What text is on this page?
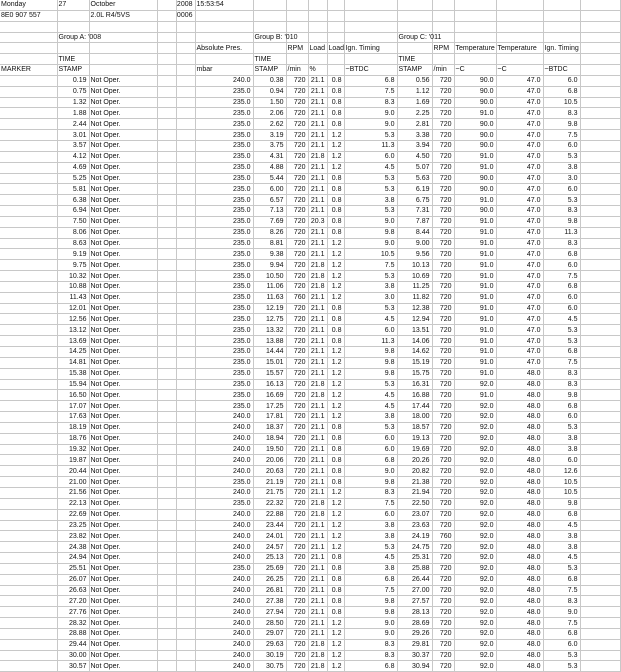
Monday	27	October		2008	15:53:54											
8E0 907 557		2.0L R4/5VS		0006												

	Group A: '008					Group B: '010					Group C: '011					
					Absolute Pres.		RPM	Load	Load	Ign. Timing		RPM	Temperature	Temperature	Ign. Timing	
	TIME					TIME					TIME					
MARKER	STAMP				mbar	STAMP	/min	%		~BTDC	STAMP	/min	~C	~C	~BTDC	
	0.19	Not Oper.			240.0	0.38	720	21.1	0.8	6.8	0.56	720	90.0	47.0	6.0	
	0.75	Not Oper.			235.0	0.94	720	21.1	0.8	7.5	1.12	720	90.0	47.0	6.8	
	1.32	Not Oper.			235.0	1.50	720	21.1	0.8	8.3	1.69	720	90.0	47.0	10.5	
	1.88	Not Oper.			235.0	2.06	720	21.1	0.8	9.0	2.25	720	91.0	47.0	8.3	
	2.44	Not Oper.			235.0	2.62	720	21.1	0.8	9.0	2.81	720	90.0	47.0	9.8	
	3.01	Not Oper.			235.0	3.19	720	21.1	1.2	5.3	3.38	720	90.0	47.0	7.5	
	3.57	Not Oper.			235.0	3.75	720	21.1	1.2	11.3	3.94	720	90.0	47.0	6.0	
	4.12	Not Oper.			235.0	4.31	720	21.8	1.2	6.0	4.50	720	91.0	47.0	5.3	
	4.69	Not Oper.			235.0	4.88	720	21.1	1.2	4.5	5.07	720	91.0	47.0	3.8	
	5.25	Not Oper.			235.0	5.44	720	21.1	0.8	5.3	5.63	720	90.0	47.0	3.0	
	5.81	Not Oper.			235.0	6.00	720	21.1	0.8	5.3	6.19	720	90.0	47.0	6.0	
	6.38	Not Oper.			235.0	6.57	720	21.1	0.8	3.8	6.75	720	91.0	47.0	5.3	
	6.94	Not Oper.			235.0	7.13	720	21.1	0.8	5.3	7.31	720	90.0	47.0	8.3	
	7.50	Not Oper.			235.0	7.69	720	20.3	0.8	9.0	7.87	720	91.0	47.0	9.8	
	8.06	Not Oper.			235.0	8.26	720	21.1	0.8	9.8	8.44	720	91.0	47.0	11.3	
	8.63	Not Oper.			235.0	8.81	720	21.1	1.2	9.0	9.00	720	91.0	47.0	8.3	
	9.19	Not Oper.			235.0	9.38	720	21.1	1.2	10.5	9.56	720	91.0	47.0	6.8	
	9.75	Not Oper.			235.0	9.94	720	21.8	1.2	7.5	10.13	720	91.0	47.0	6.0	
	10.32	Not Oper.			235.0	10.50	720	21.8	1.2	5.3	10.69	720	91.0	47.0	7.5	
	10.88	Not Oper.			235.0	11.06	720	21.8	1.2	3.8	11.25	720	91.0	47.0	6.8	
	11.43	Not Oper.			235.0	11.63	760	21.1	1.2	3.0	11.82	720	91.0	47.0	6.0	
	12.01	Not Oper.			235.0	12.19	720	21.1	0.8	5.3	12.38	720	91.0	47.0	6.0	
	12.56	Not Oper.			235.0	12.75	720	21.1	0.8	4.5	12.94	720	91.0	47.0	4.5	
	13.12	Not Oper.			235.0	13.32	720	21.1	0.8	6.0	13.51	720	91.0	47.0	5.3	
	13.69	Not Oper.			235.0	13.88	720	21.1	0.8	11.3	14.06	720	91.0	47.0	5.3	
	14.25	Not Oper.			235.0	14.44	720	21.1	1.2	9.8	14.62	720	91.0	47.0	6.8	
	14.81	Not Oper.			235.0	15.01	720	21.1	1.2	9.8	15.19	720	91.0	47.0	7.5	
	15.38	Not Oper.			235.0	15.57	720	21.1	1.2	9.8	15.75	720	91.0	48.0	8.3	
	15.94	Not Oper.			235.0	16.13	720	21.8	1.2	5.3	16.31	720	92.0	48.0	8.3	
	16.50	Not Oper.			235.0	16.69	720	21.8	1.2	4.5	16.88	720	91.0	48.0	9.8	
	17.07	Not Oper.			235.0	17.25	720	21.1	1.2	4.5	17.44	720	92.0	48.0	6.8	
	17.63	Not Oper.			240.0	17.81	720	21.1	1.2	3.8	18.00	720	92.0	48.0	6.0	
	18.19	Not Oper.			240.0	18.37	720	21.1	0.8	5.3	18.57	720	92.0	48.0	5.3	
	18.76	Not Oper.			240.0	18.94	720	21.1	0.8	6.0	19.13	720	92.0	48.0	3.8	
	19.32	Not Oper.			240.0	19.50	720	21.1	0.8	6.0	19.69	720	92.0	48.0	3.8	
	19.87	Not Oper.			240.0	20.06	720	21.1	0.8	6.8	20.26	720	92.0	48.0	6.0	
	20.44	Not Oper.			240.0	20.63	720	21.1	0.8	9.0	20.82	720	92.0	48.0	12.6	
	21.00	Not Oper.			235.0	21.19	720	21.1	0.8	9.8	21.38	720	92.0	48.0	10.5	
	21.56	Not Oper.			240.0	21.75	720	21.1	1.2	8.3	21.94	720	92.0	48.0	10.5	
	22.13	Not Oper.			235.0	22.32	720	21.8	1.2	7.5	22.50	720	92.0	48.0	9.8	
	22.69	Not Oper.			240.0	22.88	720	21.8	1.2	6.0	23.07	720	92.0	48.0	6.8	
	23.25	Not Oper.			240.0	23.44	720	21.1	1.2	3.8	23.63	720	92.0	48.0	4.5	
	23.82	Not Oper.			240.0	24.01	720	21.1	1.2	3.8	24.19	760	92.0	48.0	3.8	
	24.38	Not Oper.			240.0	24.57	720	21.1	1.2	5.3	24.75	720	92.0	48.0	3.8	
	24.94	Not Oper.			240.0	25.13	720	21.1	0.8	4.5	25.31	720	92.0	48.0	4.5	
	25.51	Not Oper.			235.0	25.69	720	21.1	0.8	3.8	25.88	720	92.0	48.0	5.3	
	26.07	Not Oper.			240.0	26.25	720	21.1	0.8	6.8	26.44	720	92.0	48.0	6.8	
	26.63	Not Oper.			240.0	26.81	720	21.1	0.8	7.5	27.00	720	92.0	48.0	7.5	
	27.20	Not Oper.			240.0	27.38	720	21.1	0.8	9.8	27.57	720	92.0	48.0	8.3	
	27.76	Not Oper.			240.0	27.94	720	21.1	0.8	9.8	28.13	720	92.0	48.0	9.0	
	28.32	Not Oper.			240.0	28.50	720	21.1	1.2	9.0	28.69	720	92.0	48.0	7.5	
	28.88	Not Oper.			240.0	29.07	720	21.1	1.2	9.0	29.26	720	92.0	48.0	6.8	
	29.44	Not Oper.			240.0	29.63	720	21.8	1.2	8.3	29.81	720	92.0	48.0	6.0	
	30.00	Not Oper.			240.0	30.19	720	21.8	1.2	8.3	30.37	720	92.0	48.0	5.3	
	30.57	Not Oper.			240.0	30.75	720	21.8	1.2	6.8	30.94	720	92.0	48.0	5.3	
